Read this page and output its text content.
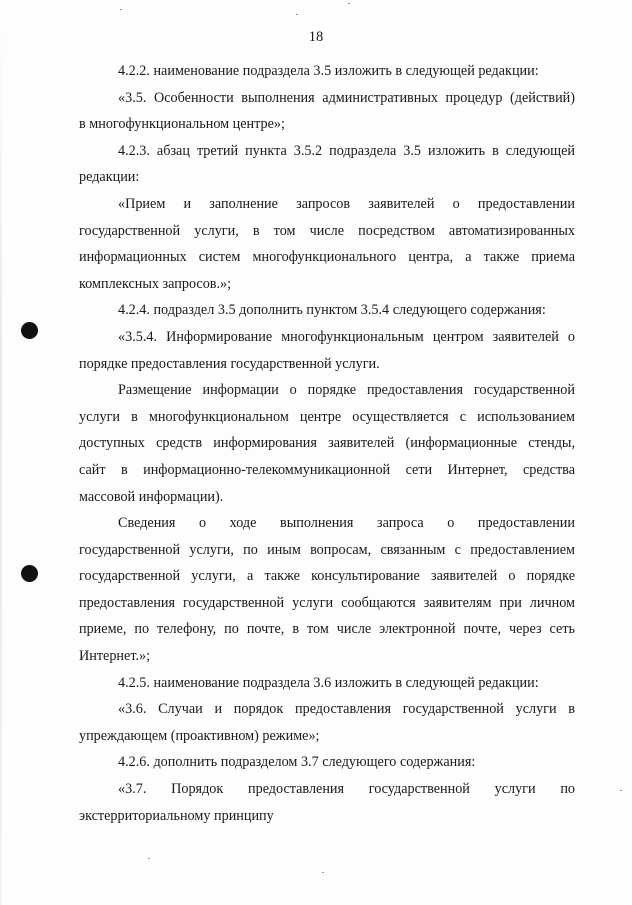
18
4.2.2. наименование подраздела 3.5 изложить в следующей редакции:
«3.5. Особенности выполнения административных процедур (действий)
в многофункциональном центре»;
4.2.3. абзац третий пункта 3.5.2 подраздела 3.5 изложить в следующей
редакции:
«Прием и заполнение запросов заявителей о предоставлении
государственной услуги, в том числе посредством автоматизированных
информационных систем многофункционального центра, а также приема
комплексных запросов.»;
4.2.4. подраздел 3.5 дополнить пунктом 3.5.4 следующего содержания:
«3.5.4. Информирование многофункциональным центром заявителей о
порядке предоставления государственной услуги.
Размещение информации о порядке предоставления государственной
услуги в многофункциональном центре осуществляется с использованием
доступных средств информирования заявителей (информационные стенды,
сайт в информационно-телекоммуникационной сети Интернет, средства
массовой информации).
Сведения о ходе выполнения запроса о предоставлении
государственной услуги, по иным вопросам, связанным с предоставлением
государственной услуги, а также консультирование заявителей о порядке
предоставления государственной услуги сообщаются заявителям при личном
приеме, по телефону, по почте, в том числе электронной почте, через сеть
Интернет.»;
4.2.5. наименование подраздела 3.6 изложить в следующей редакции:
«3.6. Случаи и порядок предоставления государственной услуги в
упреждающем (проактивном) режиме»;
4.2.6. дополнить подразделом 3.7 следующего содержания:
«3.7. Порядок предоставления государственной услуги по
экстерриториальному принципу
